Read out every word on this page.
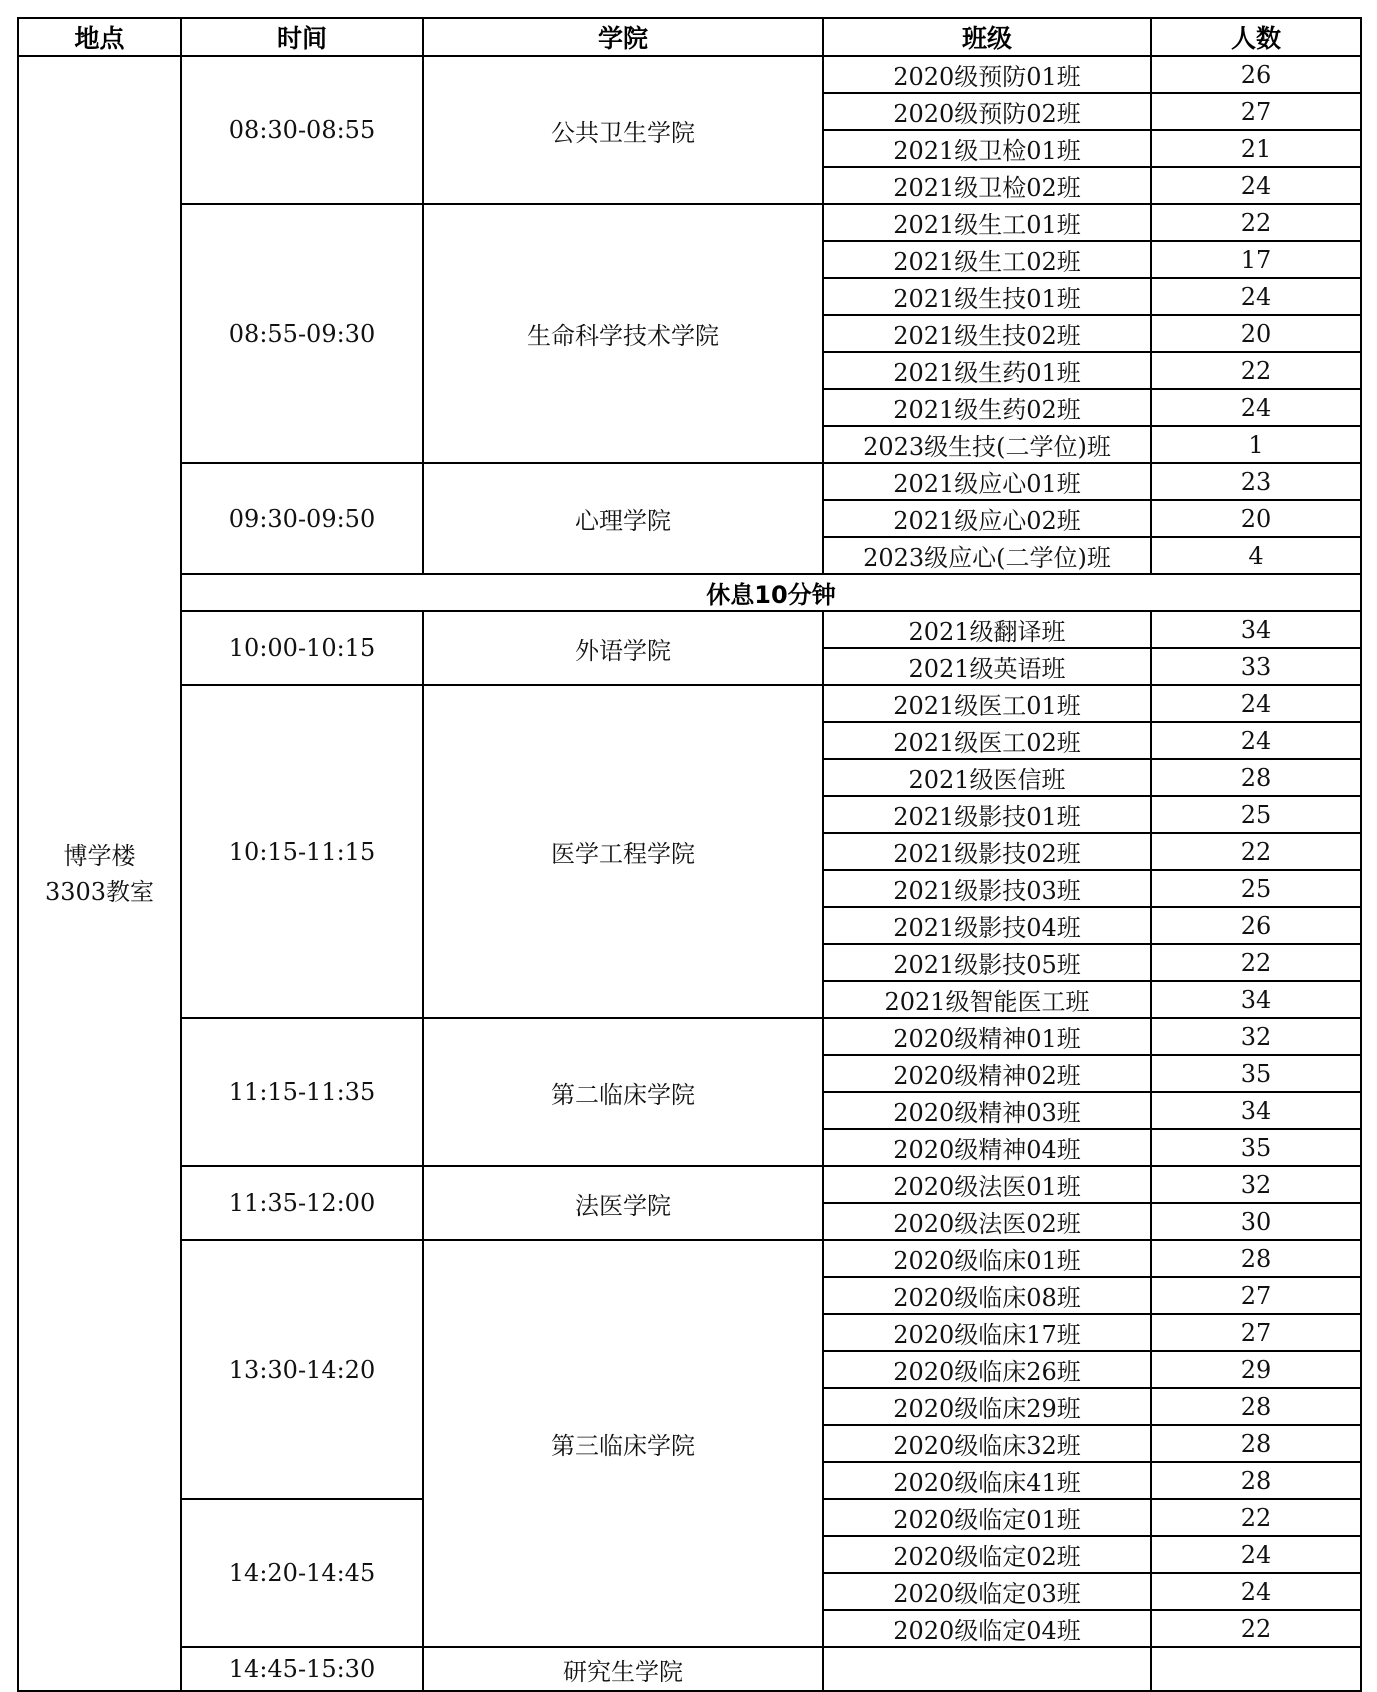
地点	时间	学院	班级	人数

博学楼
3303教室	08:30-08:55	公共卫生学院	2020级预防01班	26
			2020级预防02班	27
			2021级卫检01班	21
			2021级卫检02班	24
	08:55-09:30	生命科学技术学院	2021级生工01班	22
			2021级生工02班	17
			2021级生技01班	24
			2021级生技02班	20
			2021级生药01班	22
			2021级生药02班	24
			2023级生技(二学位)班	1
	09:30-09:50	心理学院	2021级应心01班	23
			2021级应心02班	20
			2023级应心(二学位)班	4
	休息10分钟			
	10:00-10:15	外语学院	2021级翻译班	34
			2021级英语班	33
	10:15-11:15	医学工程学院	2021级医工01班	24
			2021级医工02班	24
			2021级医信班	28
			2021级影技01班	25
			2021级影技02班	22
			2021级影技03班	25
			2021级影技04班	26
			2021级影技05班	22
			2021级智能医工班	34
	11:15-11:35	第二临床学院	2020级精神01班	32
			2020级精神02班	35
			2020级精神03班	34
			2020级精神04班	35
	11:35-12:00	法医学院	2020级法医01班	32
			2020级法医02班	30
	13:30-14:20	第三临床学院	2020级临床01班	28
			2020级临床08班	27
			2020级临床17班	27
			2020级临床26班	29
			2020级临床29班	28
			2020级临床32班	28
			2020级临床41班	28
	14:20-14:45		2020级临定01班	22
			2020级临定02班	24
			2020级临定03班	24
			2020级临定04班	22
	14:45-15:30	研究生学院		
